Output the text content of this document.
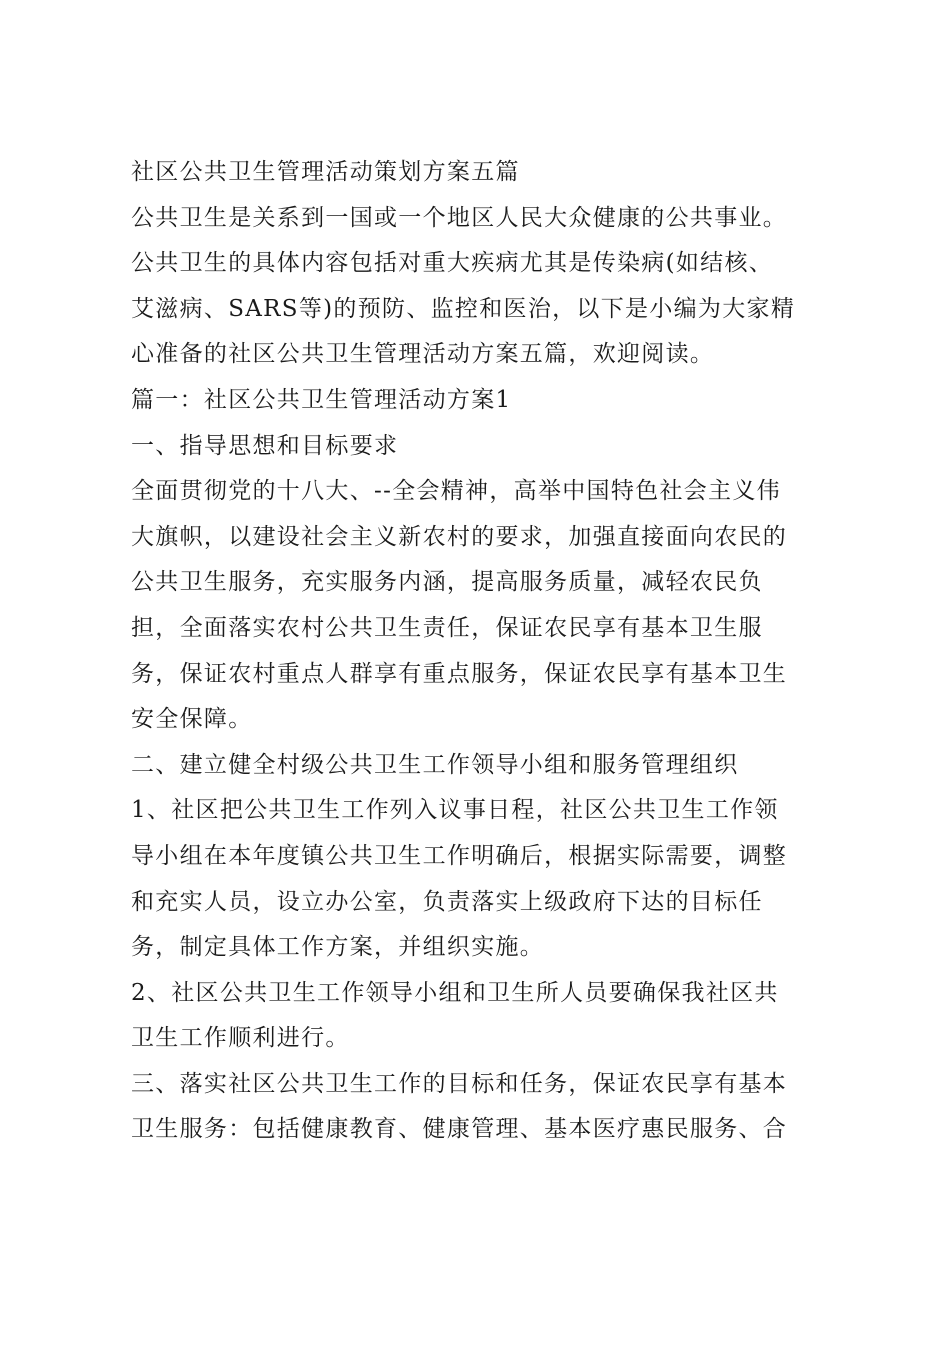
社区公共卫生管理活动策划方案五篇
公共卫生是关系到一国或一个地区人民大众健康的公共事业。
公共卫生的具体内容包括对重大疾病尤其是传染病(如结核、
艾滋病、SARS等)的预防、监控和医治，以下是小编为大家精
心准备的社区公共卫生管理活动方案五篇，欢迎阅读。
篇一：社区公共卫生管理活动方案1
一、指导思想和目标要求
全面贯彻党的十八大、--全会精神，高举中国特色社会主义伟
大旗帜，以建设社会主义新农村的要求，加强直接面向农民的
公共卫生服务，充实服务内涵，提高服务质量，减轻农民负
担，全面落实农村公共卫生责任，保证农民享有基本卫生服
务，保证农村重点人群享有重点服务，保证农民享有基本卫生
安全保障。
二、建立健全村级公共卫生工作领导小组和服务管理组织
1、社区把公共卫生工作列入议事日程，社区公共卫生工作领
导小组在本年度镇公共卫生工作明确后，根据实际需要，调整
和充实人员，设立办公室，负责落实上级政府下达的目标任
务，制定具体工作方案，并组织实施。
2、社区公共卫生工作领导小组和卫生所人员要确保我社区共
卫生工作顺利进行。
三、落实社区公共卫生工作的目标和任务，保证农民享有基本
卫生服务：包括健康教育、健康管理、基本医疗惠民服务、合
